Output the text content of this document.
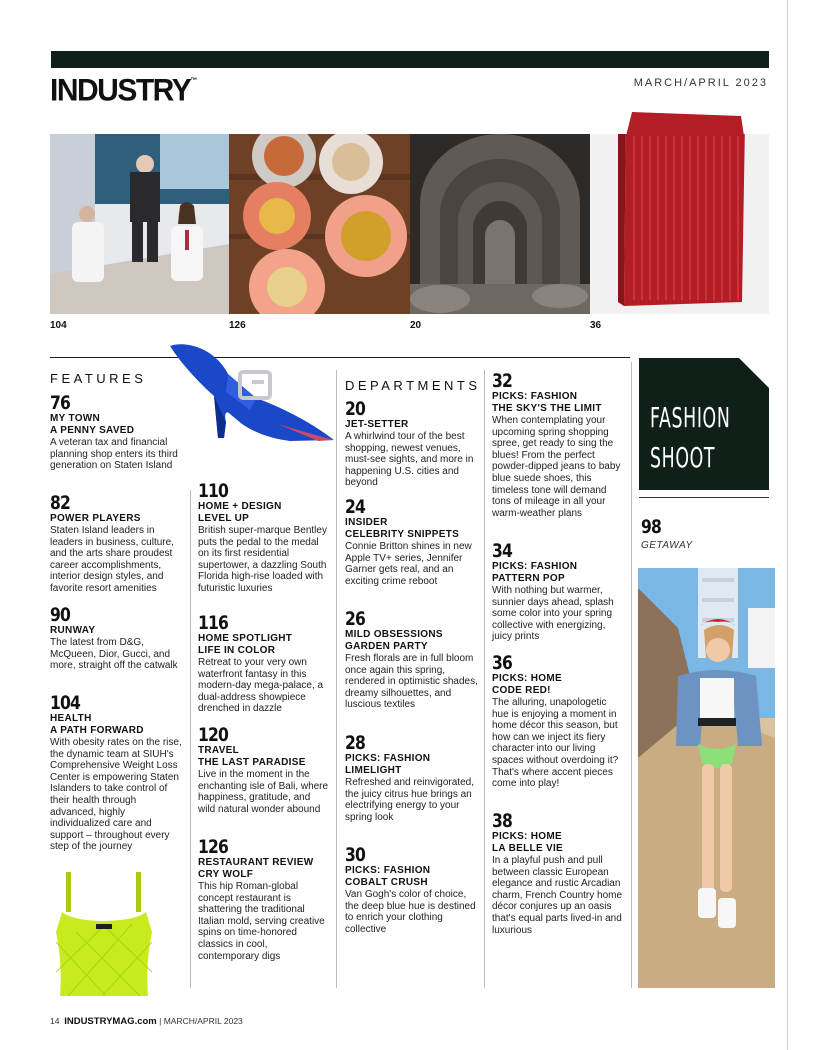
INDUSTRY™	MARCH/APRIL 2023
104	126	20	36
FEATURES
76
MY TOWN
A PENNY SAVED
A veteran tax and financial planning shop enters its third generation on Staten Island
82
POWER PLAYERS
Staten Island leaders in leaders in business, culture, and the arts share proudest career accomplishments, interior design styles, and favorite resort amenities
90
RUNWAY
The latest from D&G, McQueen, Dior, Gucci, and more, straight off the catwalk
104
HEALTH
A PATH FORWARD
With obesity rates on the rise, the dynamic team at SIUH's Comprehensive Weight Loss Center is empowering Staten Islanders to take control of their health through advanced, highly individualized care and support – throughout every step of the journey
110
HOME + DESIGN
LEVEL UP
British super-marque Bentley puts the pedal to the medal on its first residential supertower, a dazzling South Florida high-rise loaded with futuristic luxuries
116
HOME SPOTLIGHT
LIFE IN COLOR
Retreat to your very own waterfront fantasy in this modern-day mega-palace, a dual-address showpiece drenched in dazzle
120
TRAVEL
THE LAST PARADISE
Live in the moment in the enchanting isle of Bali, where happiness, gratitude, and wild natural wonder abound
126
RESTAURANT REVIEW
CRY WOLF
This hip Roman-global concept restaurant is shattering the traditional Italian mold, serving creative spins on time-honored classics in cool, contemporary digs
DEPARTMENTS
20
JET-SETTER
A whirlwind tour of the best shopping, newest venues, must-see sights, and more in happening U.S. cities and beyond
24
INSIDER
CELEBRITY SNIPPETS
Connie Britton shines in new Apple TV+ series, Jennifer Garner gets real, and an exciting crime reboot
26
MILD OBSESSIONS
GARDEN PARTY
Fresh florals are in full bloom once again this spring, rendered in optimistic shades, dreamy silhouettes, and luscious textiles
28
PICKS: FASHION
LIMELIGHT
Refreshed and reinvigorated, the juicy citrus hue brings an electrifying energy to your spring look
30
PICKS: FASHION
COBALT CRUSH
Van Gogh's color of choice, the deep blue hue is destined to enrich your clothing collective
32
PICKS: FASHION
THE SKY'S THE LIMIT
When contemplating your upcoming spring shopping spree, get ready to sing the blues! From the perfect powder-dipped jeans to baby blue suede shoes, this timeless tone will demand tons of mileage in all your warm-weather plans
34
PICKS: FASHION
PATTERN POP
With nothing but warmer, sunnier days ahead, splash some color into your spring collective with energizing, juicy prints
36
PICKS: HOME
CODE RED!
The alluring, unapologetic hue is enjoying a moment in home décor this season, but how can we inject its fiery character into our living spaces without overdoing it? That's where accent pieces come into play!
38
PICKS: HOME
LA BELLE VIE
In a playful push and pull between classic European elegance and rustic Arcadian charm, French Country home décor conjures up an oasis that's equal parts lived-in and luxurious
FASHION
SHOOT
98
GETAWAY
14 INDUSTRYMAG.com | MARCH/APRIL 2023
